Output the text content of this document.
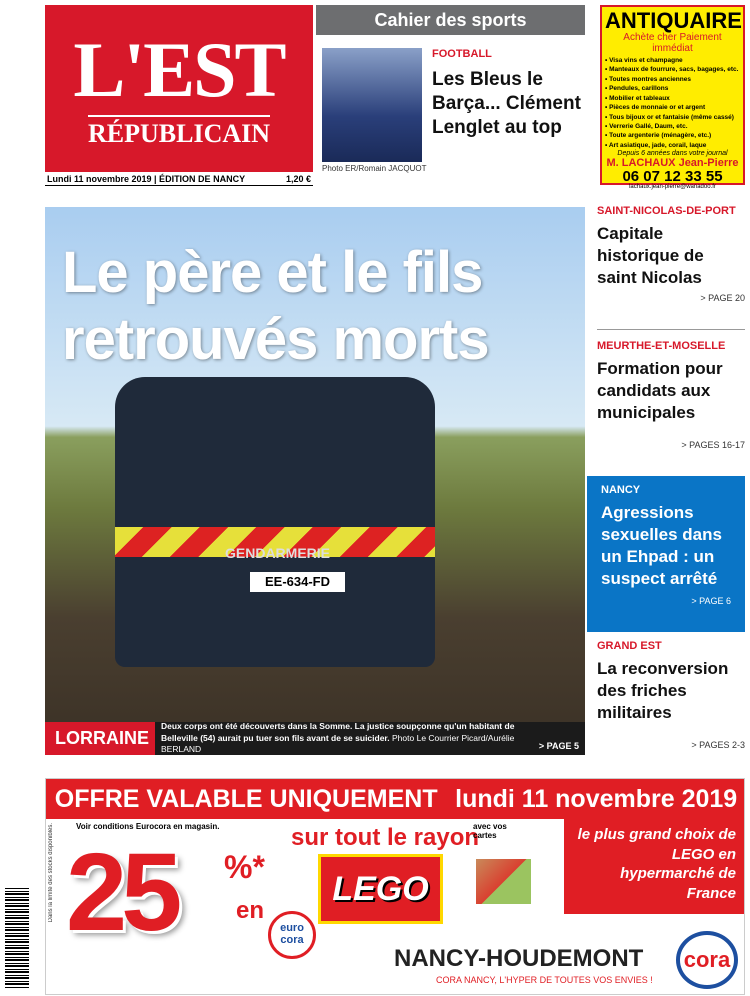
L'EST
RÉPUBLICAIN
Lundi 11 novembre 2019 | ÉDITION DE NANCY	1,20 €
Cahier des sports
Photo ER/Romain JACQUOT
FOOTBALL
Les Bleus le Barça... Clément Lenglet au top
ANTIQUAIRE
Achète cher Paiement immédiat
• Visa vins et champagne
• Manteaux de fourrure, sacs, bagages, etc.
• Toutes montres anciennes
• Pendules, carillons
• Mobilier et tableaux
• Pièces de monnaie or et argent
• Tous bijoux or et fantaisie (même cassé)
• Verrerie Gallé, Daum, etc.
• Toute argenterie (ménagère, etc.)
• Art asiatique, jade, corail, laque
Depuis 6 années dans votre journal
M. LACHAUX Jean-Pierre
06 07 12 33 55
lachaux.jean-pierre@wanadoo.fr
GENDARMERIE
EE-634-FD
Le père et le fils retrouvés morts
LORRAINE
Deux corps ont été découverts dans la Somme. La justice soupçonne qu'un habitant de Belleville (54) aurait pu tuer son fils avant de se suicider. Photo Le Courrier Picard/Aurélie BERLAND	> PAGE 5
SAINT-NICOLAS-DE-PORT
Capitale historique de saint Nicolas
> PAGE 20
MEURTHE-ET-MOSELLE
Formation pour candidats aux municipales
> PAGES 16-17
NANCY
Agressions sexuelles dans un Ehpad : un suspect arrêté
> PAGE 6
GRAND EST
La reconversion des friches militaires
> PAGES 2-3
OFFRE VALABLE UNIQUEMENT lundi 11 novembre 2019
Voir conditions Eurocora en magasin.
25
Dans la limite des stocks disponibles.	%*
en
euro cora
sur tout le rayon
LEGO
avec vos cartes	le plus grand choix de LEGO en hypermarché de France
NANCY-HOUDEMONT
CORA NANCY, L'HYPER DE TOUTES VOS ENVIES !
cora
